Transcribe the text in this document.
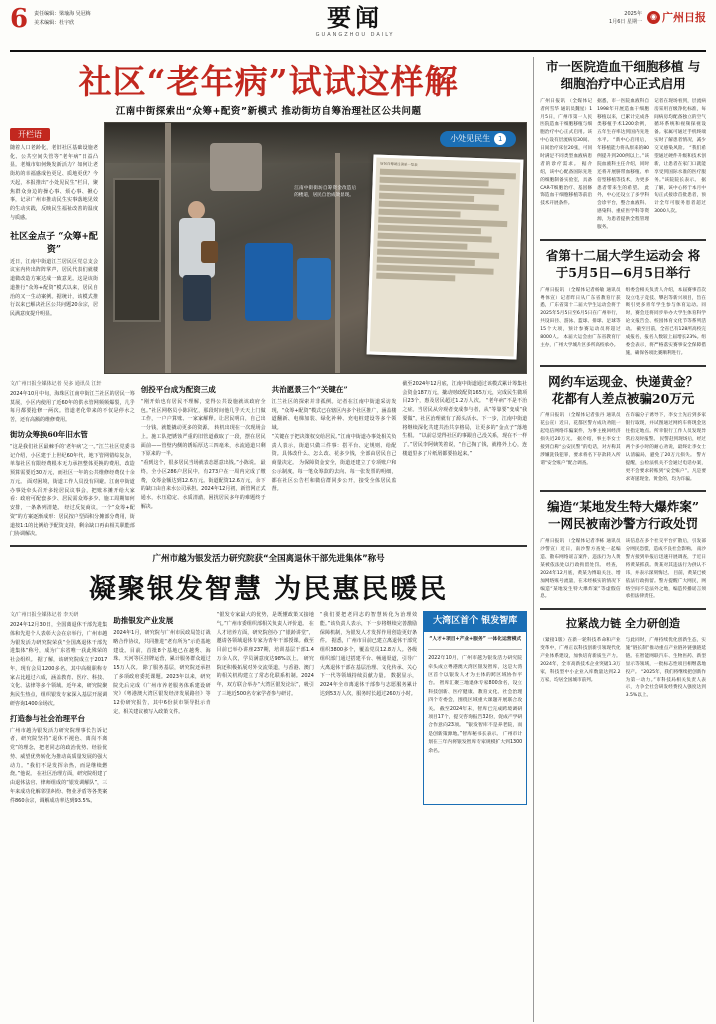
6	责任编辑：梁瑜海 吴冠梅
美术编辑：杜宇欣	要闻
GUANGZHOU DAILY
2025年
1月6日 星期一
◉ 广州日报
社区“老年病”试试这样解
江南中街探索出“众筹+配资”新模式 推动街坊自筹治理社区公共问题
开栏语
随着人口老龄化，老旧社区基础设施老化、公共空间失管等“老年病”日益凸显。老城市如何焕发新活力？如何让老街坊的幸福感成色更足、质地更优？今天起，本报推出“小处见民生”栏目，聚焦群众身边的操心事、烦心事、揪心事，记录广州市推动民生实事落地见效的生动实践，反映民生福祉改善的温度与质感。
社区金点子 “众筹+配资”
近日，江南中街道江兰居民区党总支会议室内传出阵阵掌声，居民代表们就楼道微改造方案达成一致意见。这是该街道推行“众筹+配资”模式以来，居民自治的又一生动案例。据统计，该模式推行以来已解决社区公共问题20余宗，居民满意度提升明显。
小处见民生	1
江南中街街坊自筹资金改造后的楼道，居民自治成效显现。
居民自筹项目清单一览表
文/广州日报全媒体记者 吴多 通讯员 江轩
2024年10月中旬，海珠区江南中街江兰社区的居民一筹莫展，小区内使用了近60年的供水管网频频爆裂，几乎每月都要抢修一两次。管道老化带来的不仅是停水之苦，还有高额的维修费用。
街坊众筹换60年旧水管
“这是我们社区最棘手的‘老年病’之一。”江兰社区党委书记介绍，小区建于上世纪60年代，地下管网错综复杂，单靠社区有限经费根本无力承担整体更换的费用。改造预算需要近30万元，而社区一年的公共维修经费仅十余万元。 面对困境，街道工作人员没有回避。江南中街道办事处牵头召开多轮居民议事会，把账本摊开给大家看：政府可配套多少、居民需众筹多少、施工周期如何安排，一条条列清楚。 经过反复商议，一个“众筹+配资”的方案逐渐成形：居民按户型面积分摊部分费用，街道按1:1的比例给予配资支持，剩余缺口再由相关职能部门协调解决。
创投平台成为配资三成
“刚开始也有居民不理解，觉得公共设施就该政府全包。”社区网格员小陈回忆，那段时间他几乎天天上门做工作，一户户算账、一家家解释。让居民明白，自己出一分钱，就能撬动更多的资源。 转机出现在一次现场会上。施工队把锈蚀严重的旧管道截取了一段，摆在居民面前——管壁内侧的锈垢厚达三四毫米，水流通道只剩下原来的一半。
“看到这个，很多居民当场就表态愿意出钱。”小陈说。 最终，全小区286户居民中，有273户在一周内完成了缴费，众筹金额达到12.6万元。街道配资12.6万元，余下的缺口由自来水公司承担。2024年12月初，新管网正式通水，水压稳定、水质清澈，困扰居民多年的难题终于解决。
共治愿景三个“关键在”
江兰社区的探索并非孤例。记者在江南中街道采访发现，“众筹+配资”模式已在辖区内多个社区推广，涵盖楼道翻新、电梯加装、绿化补种、充电桩建设等多个领域。
“关键在于把决策权交给居民。”江南中街道办事处相关负责人表示，街道只做三件事：搭平台、定规则、给配资。具体改什么、怎么改、花多少钱，全部由居民自己商量决定。 为保障资金安全，街道还建立了专项账户和公示制度。每一笔众筹款的去向、每一张发票的明细，都在社区公告栏和微信群同步公开，接受全体居民监督。
截至2024年12月底，江南中街道通过该模式累计筹集社会资金187万元，撬动财政配资165万元，完成民生微项目23个，惠及居民超过1.2万人次。 “老年病”不是不治之症。当居民从旁观者变成参与者，从“等靠要”变成“我要做”，社区治理就有了源头活水。下一步，江南中街道将继续深化共建共治共享格局，让更多的“金点子”落地生根。 “以前总觉得社区的事跟自己没关系，现在不一样了。”居民李阿姨笑着说，“自己掏了钱，就格外上心，连楼道里多了片纸屑都要捡起来。”
广州市越为银发活力研究院获“全国离退休干部先进集体”称号
凝聚银发智慧 为民惠民暖民
文/广州日报全媒体记者 李天研
2024年12月30日，全国离退休干部先进集体和先进个人表彰大会在京举行，广州市越为银发活力研究院荣获“全国离退休干部先进集体”称号，成为广东省唯一获此殊荣的社会组织。 据了解，该研究院成立于2017年，现有会员1200多名，其中高级职称专家占比超过六成，涵盖教育、医疗、科技、文化、法律等多个领域。近年来，研究院聚焦民生热点，组织银发专家深入基层开展调研咨询1400余场次。
打造参与社会治理平台
广州市越为银发活力研究院理事长告诉记者，研究院坚持“退休不褪色、离岗不离党”的理念，把老同志的政治优势、经验优势、威望优势转化为推动高质量发展的强大动力。“我们不是发挥余热，而是继续燃烧。”他说。 在社区治理方面，研究院组建了由退休法官、律师组成的“银发调解队”，三年来成功化解邻里纠纷、物业矛盾等各类案件860余宗，调解成功率达到93.5%。
助推银发产业发展
2024年1月，研究院与广州市民政局签订战略合作协议，共同推进“老有所为”示范基地建设。目前，首批8个基地已在越秀、海珠、天河等区挂牌运营，累计服务群众超过15万人次。 除了服务基层，研究院还承担了多项政府委托课题。2023年以来，研究院先后完成《广州市养老服务体系建设研究》《粤港澳大湾区银发经济发展路径》等12份研究报告，其中6份获市领导批示肯定，相关建议被写入政策文件。
“银发专家最大的优势，是既懂政策又接地气。”广州市委组织部相关负责人评价道。 在人才培养方面，研究院创办了“银龄讲堂”，邀请各领域退休专家为青年干部授课。截至目前已举办讲座237期，培训基层干部1.4万余人次，学员满意度达98%以上。 研究院还积极拓展对外交流渠道，与香港、澳门的相关机构建立了常态化联系机制。2024年，双方联合举办“大湾区银发论坛”，吸引了三地近500名专家学者参与研讨。
“我们要把老同志的智慧转化为治理效能。”该负责人表示，下一步将继续完善激励保障机制，为银发人才发挥作用创造更好条件。 据悉，广州市目前已建立离退休干部党组织3800多个，覆盖党员12.8万人。各级组织部门通过搭建平台、畅通渠道，引导广大离退休干部在基层治理、文化传承、关心下一代等领域持续贡献力量。 数据显示，2024年全市离退休干部参与志愿服务累计达到53万人次，服务时长超过260万小时。
大湾区首个 银发智库
“人才+项目+产业+服务” 一体化运营模式
2022年10月，广州市越为银发活力研究院牵头成立粤港澳大湾区银发智库，这是大湾区首个以银发人才为主体的跨区域协作平台。 智库汇聚三地退休专家800余名，设立科技创新、医疗健康、教育文化、社会治理四个专委会，围绕区域重大课题开展联合攻关。 截至2024年末，智库已完成跨境调研项目17个，提交咨询报告32份，促成产学研合作意向23项。 “银发智库不是养老院，而是创新策源地。”智库秘书长表示。 广州市计划在三年内将银发智库专家规模扩大到1300余名。
市一医院造血干细胞移植 与细胞治疗中心正式启用
广州日报讯 （全媒体记者何雪华 通讯员魏星）1月5日，广州市第一人民医院造血干细胞移植与细胞治疗中心正式启用。该中心设有层流病房30间、日间治疗床位20张，可同时满足不同类型血液病患者的诊疗需求。 据介绍，该中心配备国际先进的细胞制备实验室，具备CAR-T细胞治疗、基因修饰造血干细胞移植等前沿技术开展条件。
据悉，市一医院血液科自1998年开展造血干细胞移植以来，已累计完成各类移植手术1200余例，五年生存率达到国内先进水平。 “新中心启用后，年移植能力将从原来的80例提升到200例以上。”该院血液科主任介绍，同时还将开展脐带血移植、单倍型移植等技术，为更多患者带来生的希望。 此外，中心还设立了多学科会诊平台，整合血液科、感染科、重症医学科等资源，为患者提供全程管理服务。
记者在现场看到，层流病房采用百级净化标准，每间病房均配备独立的空气循环系统和视频探视设备。家属可通过手机终端实时了解患者情况，减少交叉感染风险。 “我们希望通过硬件升级和技术创新，让患者在家门口就能享受到国际水准的医疗服务。”该院院长表示。 据了解，该中心将于本月中旬正式接诊首批患者，预计全年可服务患者超过3000人次。
省第十二届大学生运动会 将于5月5日—6月5日举行
广州日报讯 （全媒体记者杨敏 通讯员粤体宣）记者昨日从广东省教育厅获悉，广东省第十二届大学生运动会将于2025年5月5日至6月5日在广州举行，共设田径、游泳、篮球、排球、足球等15个大项，预计参赛运动员将超过8000人。 本届大运会由广东省教育厅主办，广州大学城片区多所高校承办。
组委会相关负责人介绍，本届赛事首次设立电子竞技、攀岩等新兴项目，旨在吸引更多青年学生参与体育运动。同时，赛会还将同步举办大学生体育科学论文报告会、校园体育文化节等系列活动。 截至目前，全省已有128所高校完成报名，报名人数较上届增长23%。组委会表示，将严格落实赛事安全保障措施，确保各项比赛顺利进行。
网约车运现金、快递黄金？ 花都有人差点被骗20万元
广州日报讯 （全媒体记者张丹 通讯员花公宣）近日，花都区警方成功劝阻一起电信网络诈骗案件，为事主挽回经济损失近20万元。 据介绍，事主李女士接到自称“公安民警”的电话，对方称其涉嫌洗钱犯罪，要求将名下存款转入所谓“安全账户”配合调查。
在诈骗分子诱导下，李女士先后到多家银行取现，并试图通过网约车将现金送往指定地点。所幸银行工作人员发现异常后及时报警。 民警赶到现场后，经过两个多小时的耐心劝说，最终让李女士认清骗局，避免了20万元损失。 警方提醒，公检法机关不会通过电话办案，更不会要求转账到“安全账户”。凡是要求寄递现金、黄金的，均为诈骗。
编造“某地发生特大爆炸案” 一网民被南沙警方行政处罚
广州日报讯 （全媒体记者李栋 通讯员沙警宣）近日，南沙警方查处一起编造、散布网络谣言案件，违法行为人黄某被依法处以行政拘留处罚。 经查，2024年12月底，黄某为博取关注、增加网络账号流量，在未经核实的情况下编造“某地发生特大爆炸案”等虚假信息。
该信息在多个社交平台扩散后，引发部分网民恐慌，造成不良社会影响。 南沙警方接到举报后迅速开展调查，于近日将黄某抓获。黄某对其违法行为供认不讳，并表示深刻悔过。 目前，黄某已被依法行政拘留。警方提醒广大网民，网络空间不是法外之地，编造传播谣言须承担法律责任。
拉紧战力链 全力研创造
（紧接1版）在新一轮科技革命和产业变革中，广州正以科技创新引领现代化产业体系建设，加快培育新质生产力。 2024年，全市高新技术企业突破1.3万家，科技型中小企业入库数量达到2.2万家，均居全国城市前列。
与此同时，广州持续优化创新生态，实施“链长制”推动重点产业链补链强链延链。在智能网联汽车、生物医药、新型显示等领域，一批标志性项目相继落地投产。 “2025年，我们将继续把创新作为第一动力。”市科技局相关负责人表示，力争全社会研发经费投入强度达到3.5%以上。
